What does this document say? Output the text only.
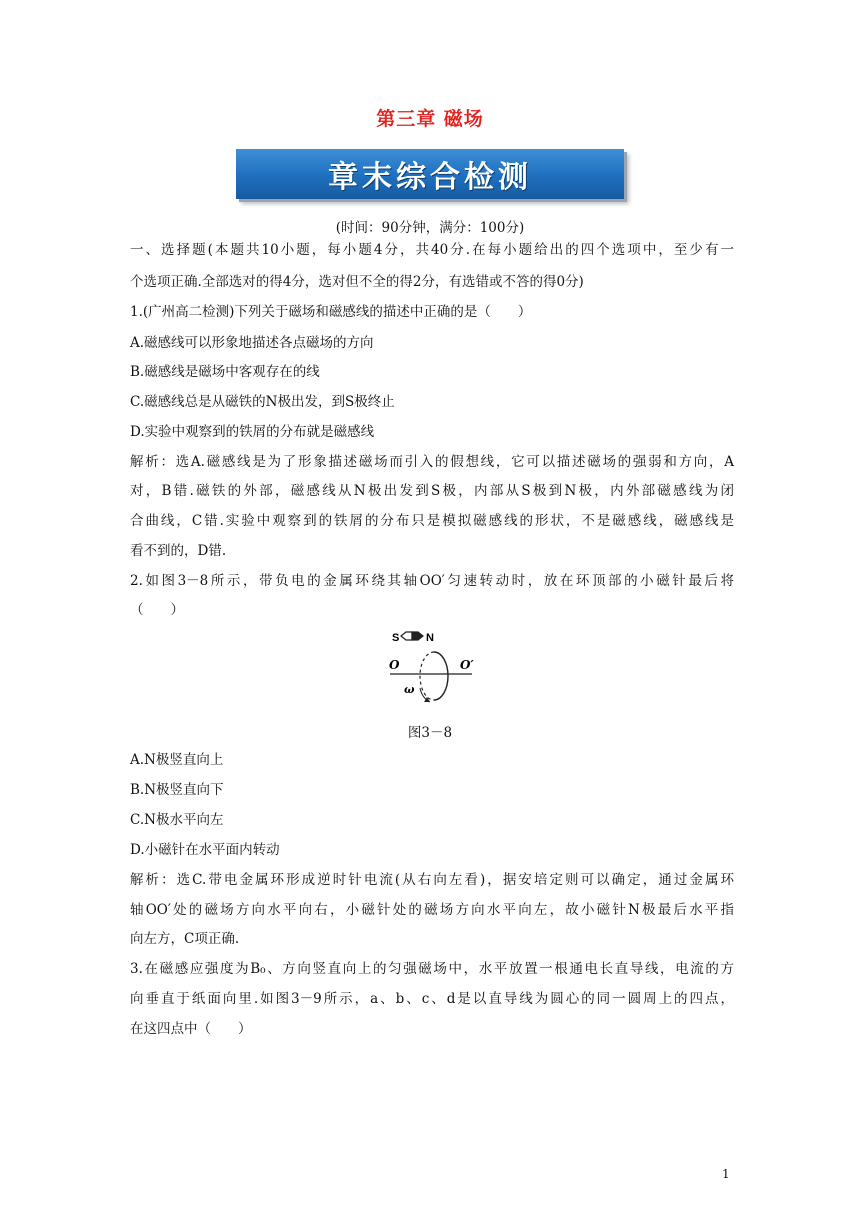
第三章 磁场
章末综合检测
(时间：90分钟，满分：100分)
一、选择题(本题共10小题，每小题4分，共40分.在每小题给出的四个选项中，至少有一
个选项正确.全部选对的得4分，选对但不全的得2分，有选错或不答的得0分)
1.(广州高二检测)下列关于磁场和磁感线的描述中正确的是（　　）
A.磁感线可以形象地描述各点磁场的方向
B.磁感线是磁场中客观存在的线
C.磁感线总是从磁铁的N极出发，到S极终止
D.实验中观察到的铁屑的分布就是磁感线
解析：选A.磁感线是为了形象描述磁场而引入的假想线，它可以描述磁场的强弱和方向，A
对，B错.磁铁的外部，磁感线从N极出发到S极，内部从S极到N极，内外部磁感线为闭
合曲线，C错.实验中观察到的铁屑的分布只是模拟磁感线的形状，不是磁感线，磁感线是
看不到的，D错.
2.如图3－8所示，带负电的金属环绕其轴OO′匀速转动时，放在环顶部的小磁针最后将
（　　）
S N
O	O′
ω
图3－8
A.N极竖直向上
B.N极竖直向下
C.N极水平向左
D.小磁针在水平面内转动
解析：选C.带电金属环形成逆时针电流(从右向左看)，据安培定则可以确定，通过金属环
轴OO′处的磁场方向水平向右，小磁针处的磁场方向水平向左，故小磁针N极最后水平指
向左方，C项正确.
3.在磁感应强度为B₀、方向竖直向上的匀强磁场中，水平放置一根通电长直导线，电流的方
向垂直于纸面向里.如图3－9所示，a、b、c、d是以直导线为圆心的同一圆周上的四点，
在这四点中（　　）
1
